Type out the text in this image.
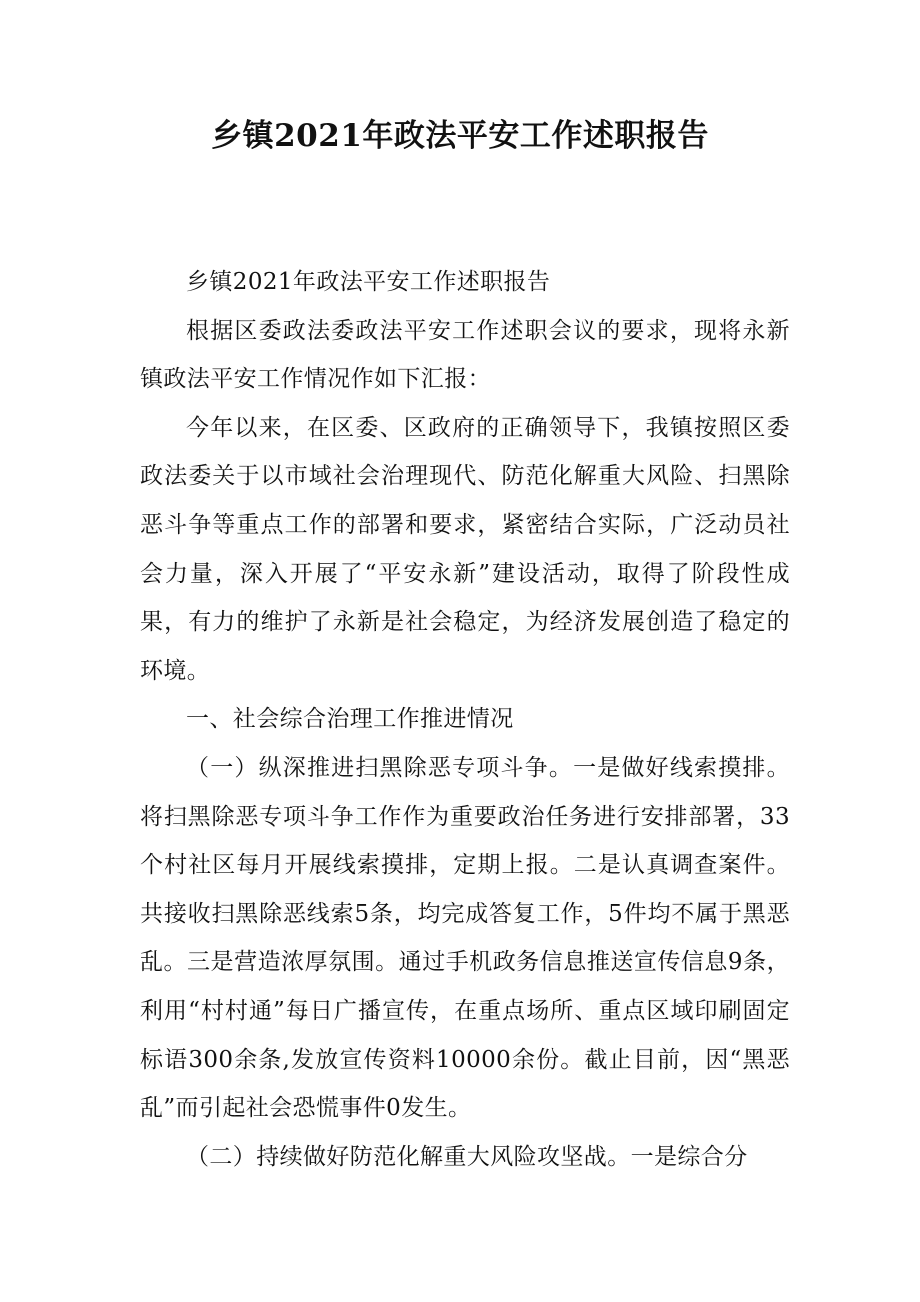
乡镇2021年政法平安工作述职报告

乡镇2021年政法平安工作述职报告

根据区委政法委政法平安工作述职会议的要求，现将永新镇政法平安工作情况作如下汇报：

今年以来，在区委、区政府的正确领导下，我镇按照区委政法委关于以市域社会治理现代、防范化解重大风险、扫黑除恶斗争等重点工作的部署和要求，紧密结合实际，广泛动员社会力量，深入开展了“平安永新”建设活动，取得了阶段性成果，有力的维护了永新是社会稳定，为经济发展创造了稳定的环境。

一、社会综合治理工作推进情况

（一）纵深推进扫黑除恶专项斗争。一是做好线索摸排。将扫黑除恶专项斗争工作作为重要政治任务进行安排部署，33个村社区每月开展线索摸排，定期上报。二是认真调查案件。共接收扫黑除恶线索5条，均完成答复工作，5件均不属于黑恶乱。三是营造浓厚氛围。通过手机政务信息推送宣传信息9条，利用“村村通”每日广播宣传，在重点场所、重点区域印刷固定标语300余条,发放宣传资料10000余份。截止目前，因“黑恶乱”而引起社会恐慌事件0发生。

（二）持续做好防范化解重大风险攻坚战。一是综合分
